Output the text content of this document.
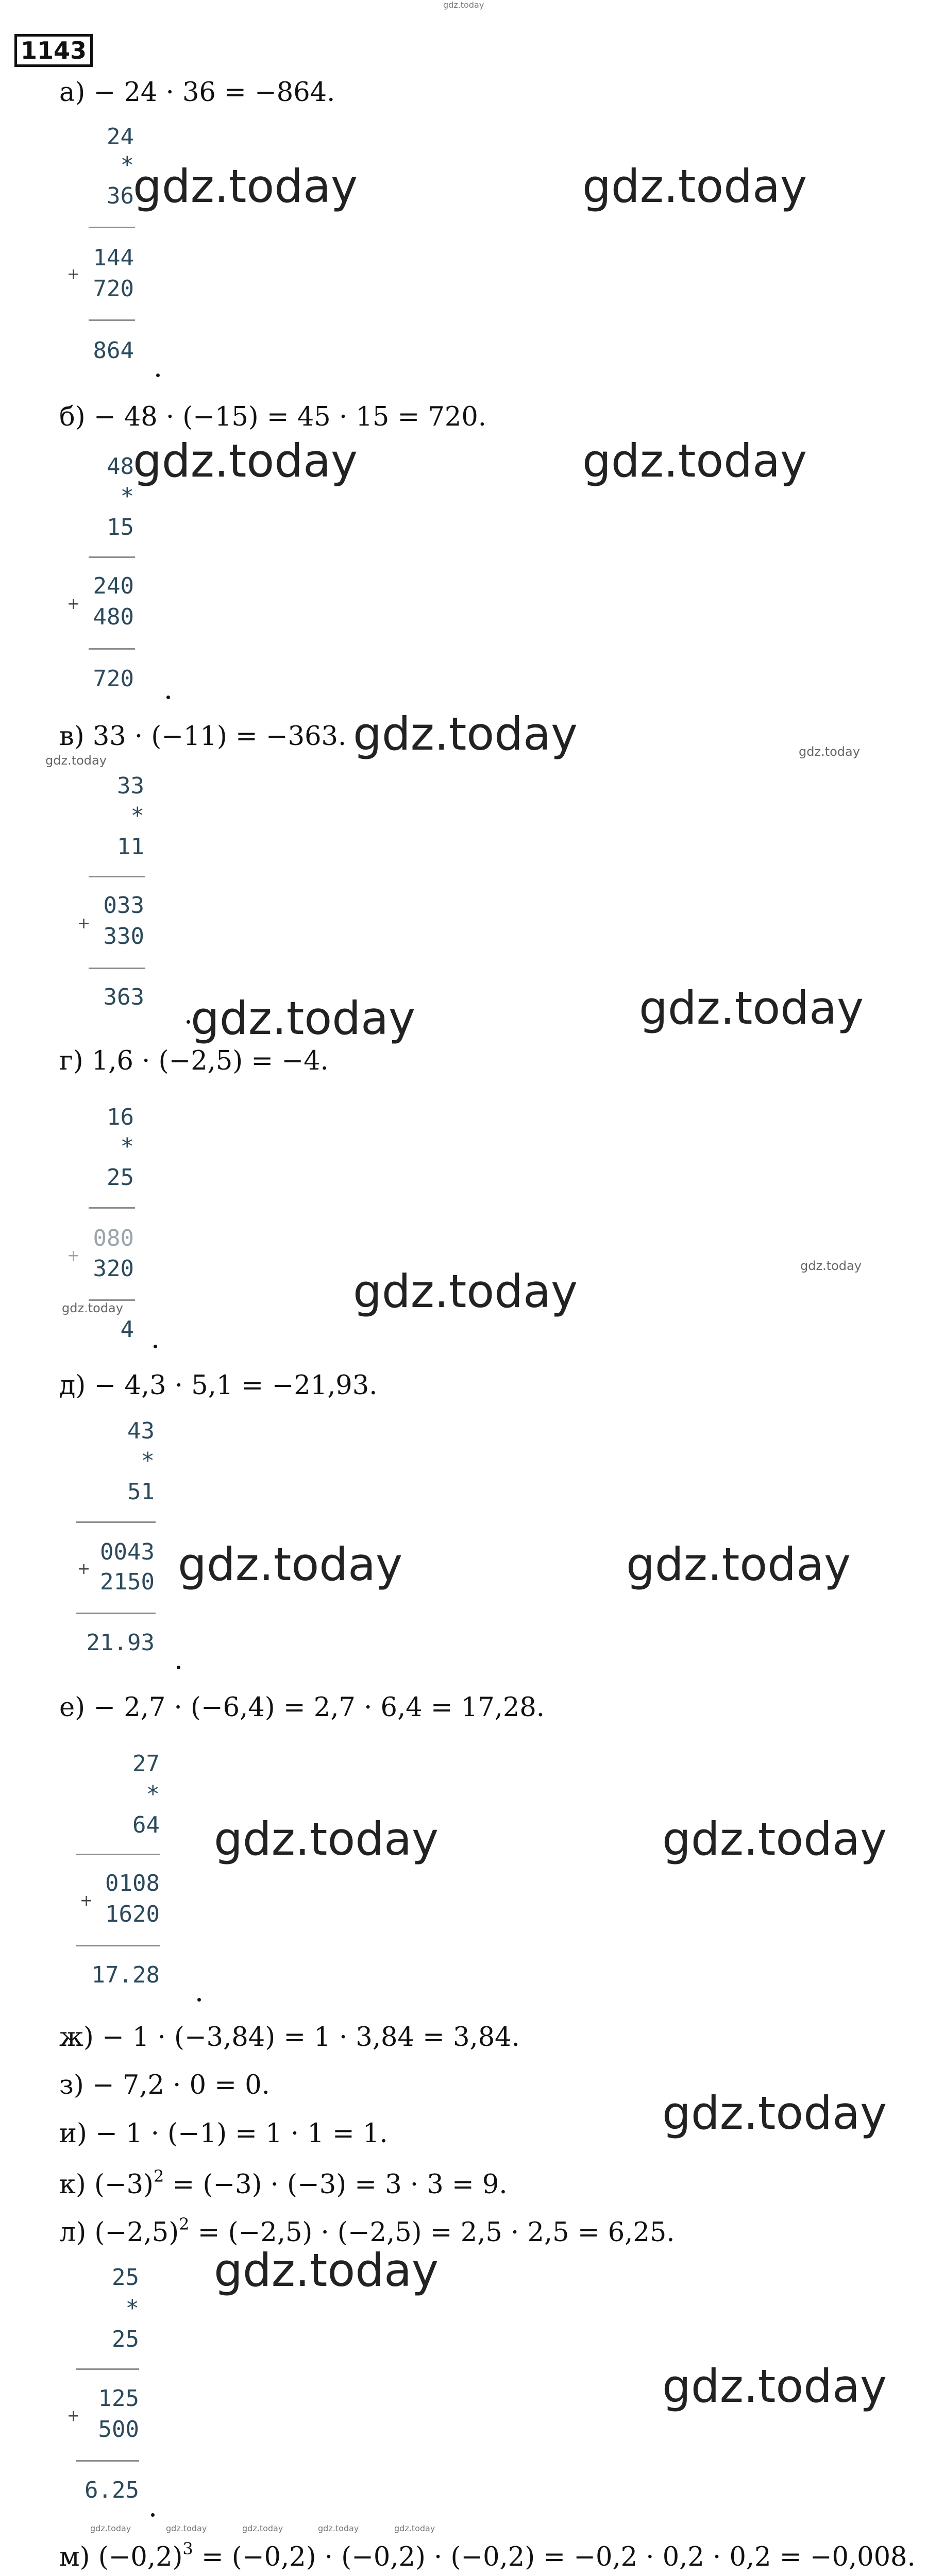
gdz.today
1143
а) − 24 · 36 = −864.
24
*
36
+
144
720
864
gdz.today	gdz.today
б) − 48 · (−15) = 45 · 15 = 720.
48
*
15
+
240
480
720
gdz.today	gdz.today
в) 33 · (−11) = −363. gdz.today
gdz.today
gdz.today
33
*
11
+
033
330
363 gdz.today	gdz.today
г) 1,6 · (−2,5) = −4.
16
*
25
+
080
320
gdz.today
4
gdz.today	gdz.today
д) − 4,3 · 5,1 = −21,93.
43
*
51
+
0043
2150
21.93
gdz.today	gdz.today
е) − 2,7 · (−6,4) = 2,7 · 6,4 = 17,28.
27
*
64
+
0108
1620
17.28
gdz.today	gdz.today
ж) − 1 · (−3,84) = 1 · 3,84 = 3,84.
з) − 7,2 · 0 = 0.
и) − 1 · (−1) = 1 · 1 = 1.
к) $(-3)^2 = (-3) \cdot (-3) = 3 \cdot 3 = 9$.
л) $(-2,5)^2 = (-2,5) \cdot (-2,5) = 2,5 \cdot 2,5 = 6,25$.
gdz.today
gdz.today
25
*
25
+
125
500
6.25
gdz.today
gdz.today	gdz.today	gdz.today	gdz.today	gdz.today
м) $(-0,2)^3 = (-0,2) \cdot (-0,2) \cdot (-0,2) = -0,2 \cdot 0,2 \cdot 0,2 = -0,008$.
